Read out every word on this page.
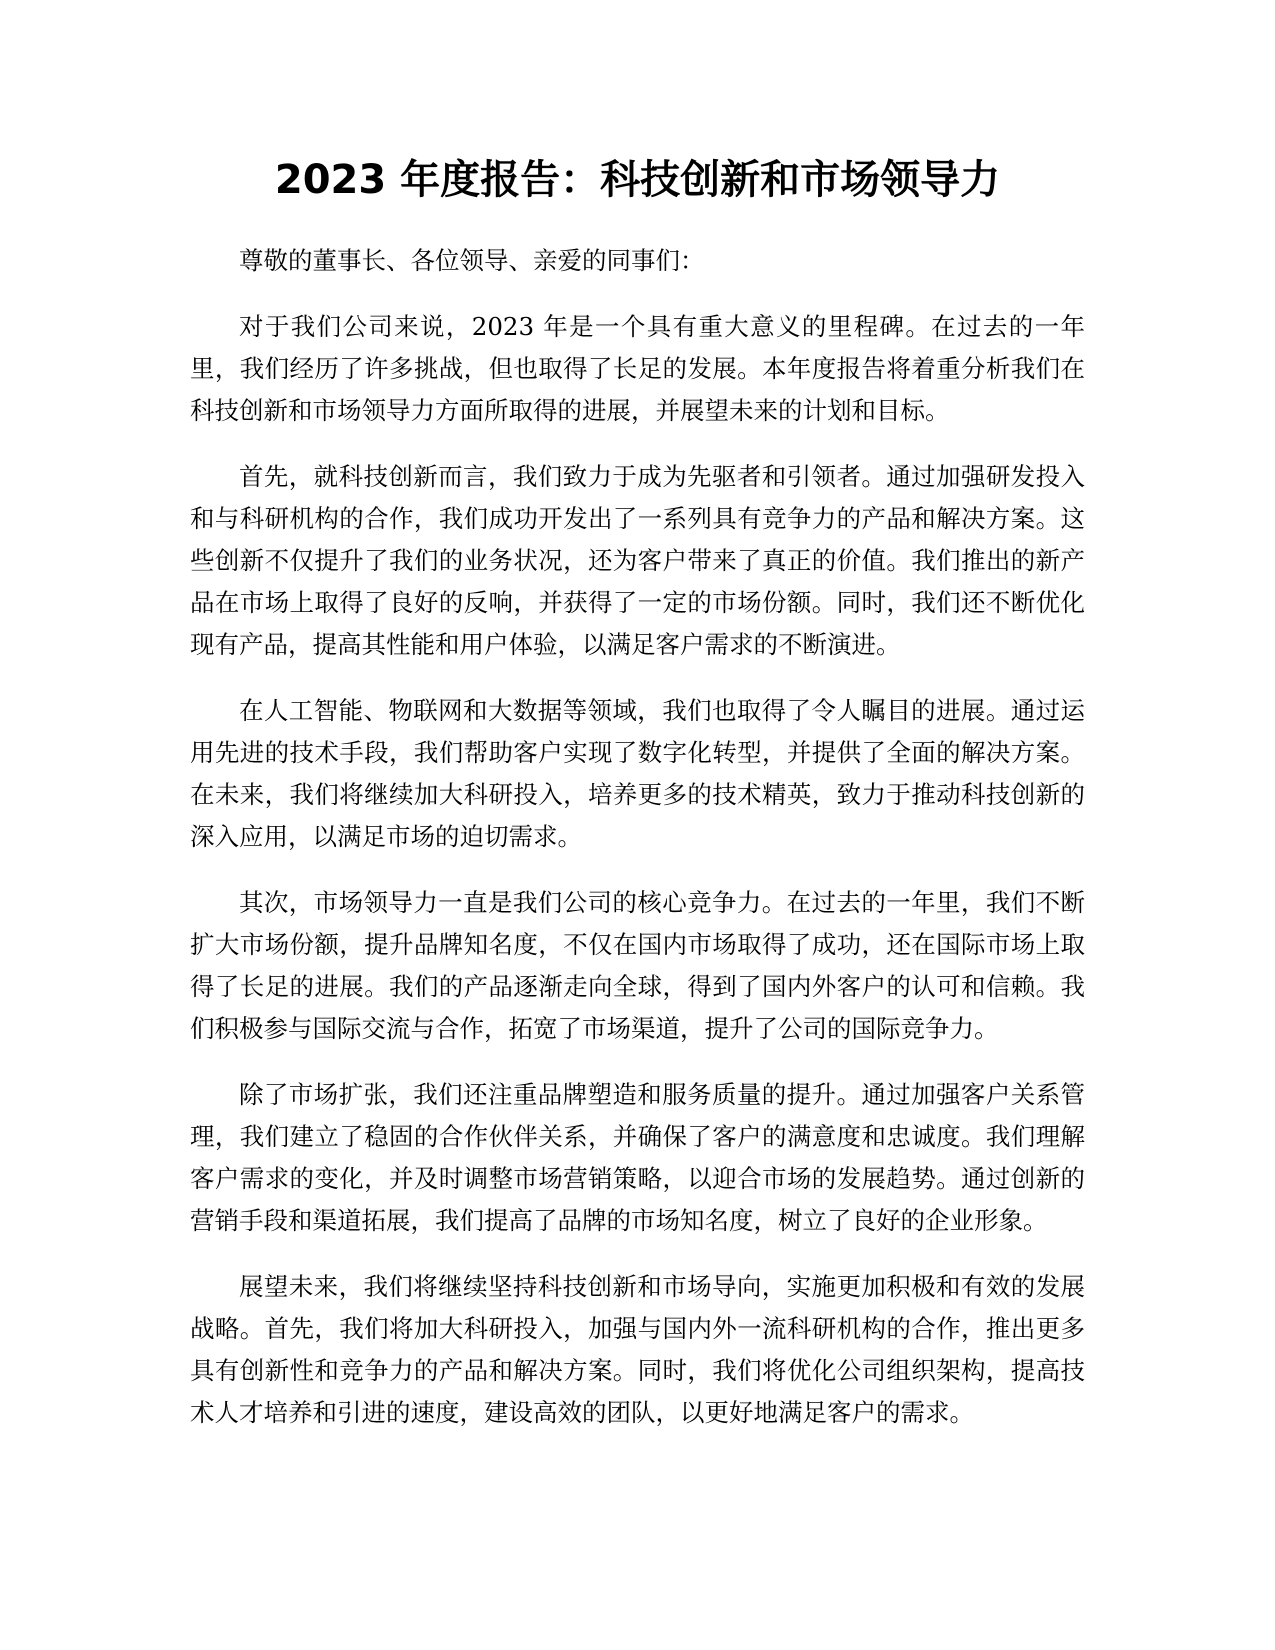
2023 年度报告：科技创新和市场领导力

尊敬的董事长、各位领导、亲爱的同事们：

对于我们公司来说，2023 年是一个具有重大意义的里程碑。在过去的一年里，我们经历了许多挑战，但也取得了长足的发展。本年度报告将着重分析我们在科技创新和市场领导力方面所取得的进展，并展望未来的计划和目标。

首先，就科技创新而言，我们致力于成为先驱者和引领者。通过加强研发投入和与科研机构的合作，我们成功开发出了一系列具有竞争力的产品和解决方案。这些创新不仅提升了我们的业务状况，还为客户带来了真正的价值。我们推出的新产品在市场上取得了良好的反响，并获得了一定的市场份额。同时，我们还不断优化现有产品，提高其性能和用户体验，以满足客户需求的不断演进。

在人工智能、物联网和大数据等领域，我们也取得了令人瞩目的进展。通过运用先进的技术手段，我们帮助客户实现了数字化转型，并提供了全面的解决方案。在未来，我们将继续加大科研投入，培养更多的技术精英，致力于推动科技创新的深入应用，以满足市场的迫切需求。

其次，市场领导力一直是我们公司的核心竞争力。在过去的一年里，我们不断扩大市场份额，提升品牌知名度，不仅在国内市场取得了成功，还在国际市场上取得了长足的进展。我们的产品逐渐走向全球，得到了国内外客户的认可和信赖。我们积极参与国际交流与合作，拓宽了市场渠道，提升了公司的国际竞争力。

除了市场扩张，我们还注重品牌塑造和服务质量的提升。通过加强客户关系管理，我们建立了稳固的合作伙伴关系，并确保了客户的满意度和忠诚度。我们理解客户需求的变化，并及时调整市场营销策略，以迎合市场的发展趋势。通过创新的营销手段和渠道拓展，我们提高了品牌的市场知名度，树立了良好的企业形象。

展望未来，我们将继续坚持科技创新和市场导向，实施更加积极和有效的发展战略。首先，我们将加大科研投入，加强与国内外一流科研机构的合作，推出更多具有创新性和竞争力的产品和解决方案。同时，我们将优化公司组织架构，提高技术人才培养和引进的速度，建设高效的团队，以更好地满足客户的需求。
